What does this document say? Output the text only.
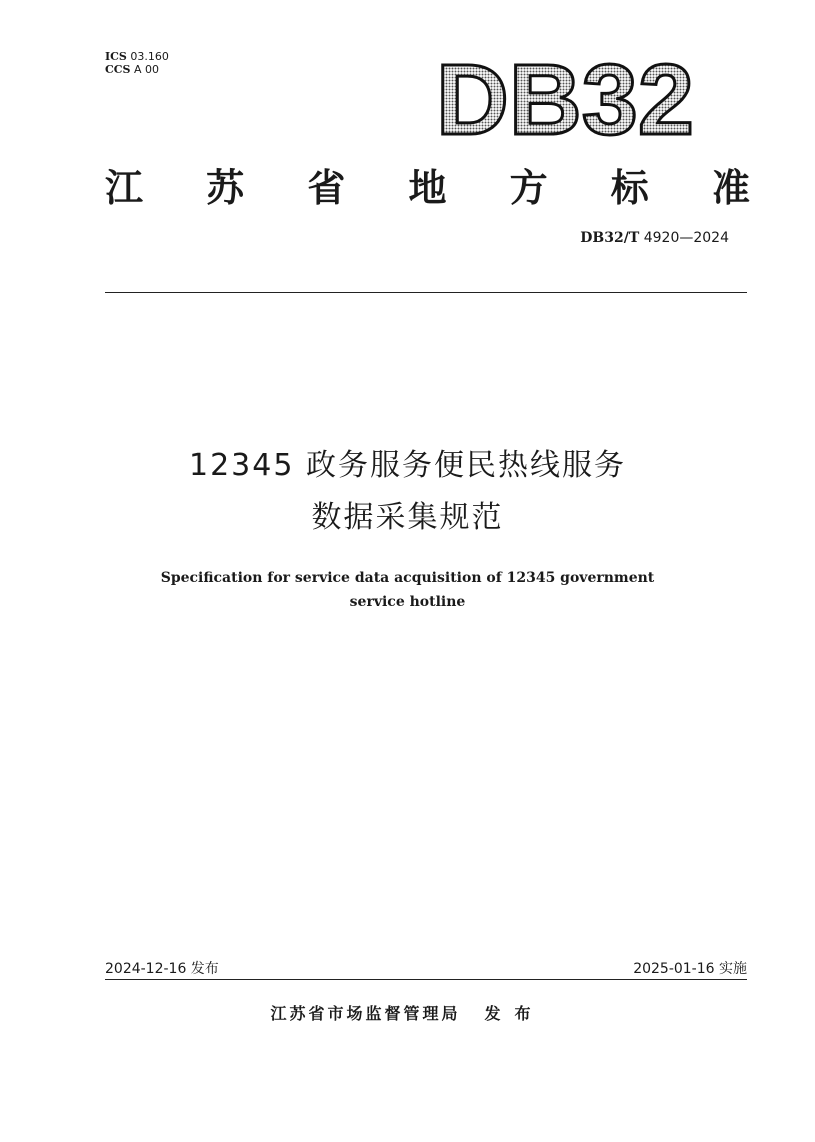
ICS 03.160
CCS A 00	DB32
江 苏 省 地 方 标 准
DB32/T 4920—2024
12345 政务服务便民热线服务
数据采集规范
Specification for service data acquisition of 12345 government
service hotline
2024-12-16 发布	2025-01-16 实施
江苏省市场监督管理局 发布
